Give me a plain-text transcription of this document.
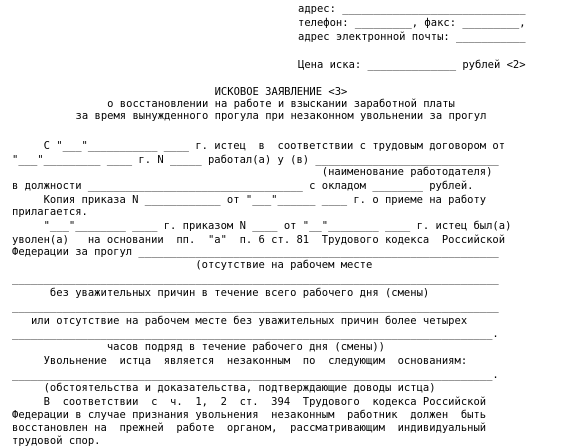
адрес: _____________________________
телефон: _________, факс: _________,
адрес электронной почты: ___________
Цена иска: ______________ рублей <2>
ИСКОВОЕ ЗАЯВЛЕНИЕ <3>
о восстановлении на работе и взыскании заработной платы
за время вынужденного прогула при незаконном увольнении за прогул
С "___"___________ ____ г. истец  в  соответствии с трудовым договором от
"___"_________ ____ г. N _____ работал(а) у (в) _____________________________
(наименование работодателя)
в должности __________________________________ с окладом ________ рублей.
Копия приказа N ____________ от "___"______ ____ г. о приеме на работу
прилагается.
"___"________ ____ г. приказом N ____ от "__"________ ____ г. истец был(а)
уволен(а)   на основании  пп.  "а"  п. 6 ст. 81  Трудового кодекса  Российской
Федерации за прогул _________________________________________________________
(отсутствие на рабочем месте
_____________________________________________________________________________
без уважительных причин в течение всего рабочего дня (смены)
_____________________________________________________________________________
или отсутствие на рабочем месте без уважительных причин более четырех
____________________________________________________________________________.
часов подряд в течение рабочего дня (смены))
Увольнение  истца  является  незаконным  по  следующим  основаниям:
____________________________________________________________________________.
(обстоятельства и доказательства, подтверждающие доводы истца)
В  соответствии  с  ч.  1,  2  ст.  394  Трудового  кодекса Российской
Федерации в случае признания увольнения  незаконным  работник  должен  быть
восстановлен на  прежней  работе  органом,  рассматривающим  индивидуальный
трудовой спор.
